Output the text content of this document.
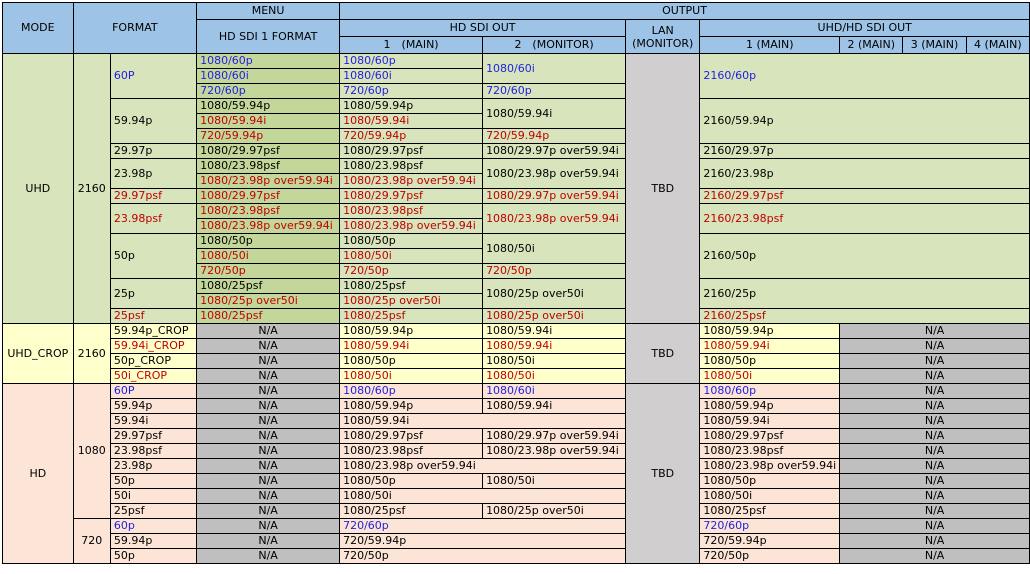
MODE	FORMAT		MENU	OUTPUT						
			HD SDI 1 FORMAT	HD SDI OUT		LAN (MONITOR)	UHD/HD SDI OUT			
				1　(MAIN)	2　(MONITOR)		1 (MAIN)	2 (MAIN)	3 (MAIN)	4 (MAIN)
UHD	2160	60P	1080/60p	1080/60p	1080/60i	TBD	2160/60p			
			1080/60i	1080/60i						
			720/60p	720/60p	720/60p					
		59.94p	1080/59.94p	1080/59.94p	1080/59.94i		2160/59.94p			
			1080/59.94i	1080/59.94i						
			720/59.94p	720/59.94p	720/59.94p					
		29.97p	1080/29.97psf	1080/29.97psf	1080/29.97p over59.94i		2160/29.97p			
		23.98p	1080/23.98psf	1080/23.98psf	1080/23.98p over59.94i		2160/23.98p			
			1080/23.98p over59.94i	1080/23.98p over59.94i						
		29.97psf	1080/29.97psf	1080/29.97psf	1080/29.97p over59.94i		2160/29.97psf			
		23.98psf	1080/23.98psf	1080/23.98psf	1080/23.98p over59.94i		2160/23.98psf			
			1080/23.98p over59.94i	1080/23.98p over59.94i						
		50p	1080/50p	1080/50p	1080/50i		2160/50p			
			1080/50i	1080/50i						
			720/50p	720/50p	720/50p					
		25p	1080/25psf	1080/25psf	1080/25p over50i		2160/25p			
			1080/25p over50i	1080/25p over50i						
		25psf	1080/25psf	1080/25psf	1080/25p over50i		2160/25psf			
UHD_CROP	2160	59.94p_CROP	N/A	1080/59.94p	1080/59.94i	TBD	1080/59.94p	N/A		
		59.94i_CROP	N/A	1080/59.94i	1080/59.94i		1080/59.94i	N/A		
		50p_CROP	N/A	1080/50p	1080/50i		1080/50p	N/A		
		50i_CROP	N/A	1080/50i	1080/50i		1080/50i	N/A		
HD	1080	60P	N/A	1080/60p	1080/60i	TBD	1080/60p	N/A		
		59.94p	N/A	1080/59.94p	1080/59.94i		1080/59.94p	N/A		
		59.94i	N/A	1080/59.94i			1080/59.94i	N/A		
		29.97psf	N/A	1080/29.97psf	1080/29.97p over59.94i		1080/29.97psf	N/A		
		23.98psf	N/A	1080/23.98psf	1080/23.98p over59.94i		1080/23.98psf	N/A		
		23.98p	N/A	1080/23.98p over59.94i			1080/23.98p over59.94i	N/A		
		50p	N/A	1080/50p	1080/50i		1080/50p	N/A		
		50i	N/A	1080/50i			1080/50i	N/A		
		25psf	N/A	1080/25psf	1080/25p over50i		1080/25psf	N/A		
	720	60p	N/A	720/60p			720/60p	N/A		
		59.94p	N/A	720/59.94p			720/59.94p	N/A		
		50p	N/A	720/50p			720/50p	N/A		
